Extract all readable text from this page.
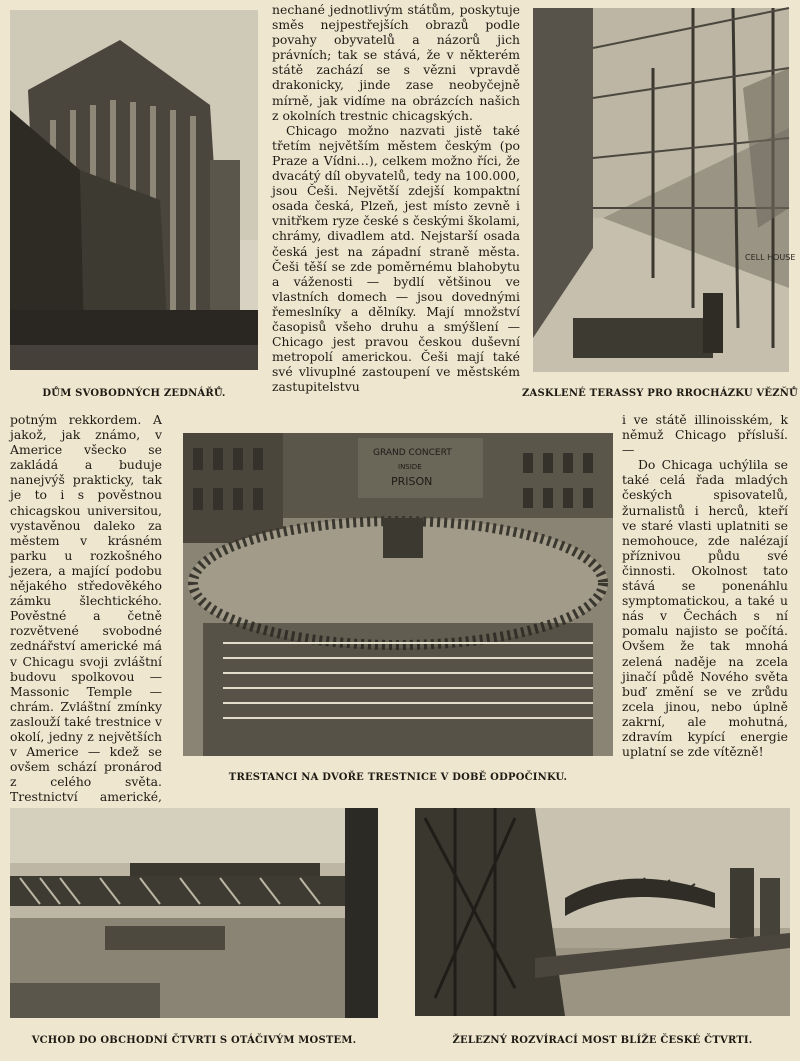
DŮM SVOBODNÝCH ZEDNÁŘŮ.

nechané jednotlivým státům, poskytuje směs nejpestřejších obrazů podle povahy obyvatelů a názorů jich právních; tak se stává, že v některém státě zachází se s vězni vpravdě drakonicky, jinde zase neobyčejně mírně, jak vidíme na obrázcích našich z okolních trestnic chicagských.

Chicago možno nazvati jistě také třetím největším městem českým (po Praze a Vídni…), celkem možno říci, že dvacátý díl obyvatelů, tedy na 100.000, jsou Češi. Největší zdejší kompaktní osada česká, Plzeň, jest místo zevně i vnitřkem ryze české s českými školami, chrámy, divadlem atd. Nejstarší osada česká jest na západní straně města. Češi těší se zde poměrnému blahobytu a váženosti — bydlí většinou ve vlastních domech — jsou dovednými řemeslníky a dělníky. Mají množství časopisů všeho druhu a smýšlení — Chicago jest pravou českou duševní metropolí americkou. Češi mají také své vlivuplné zastoupení ve městském zastupitelstvu

CELL HOUSE
ZASKLENÉ TERASSY PRO RROCHÁZKU VĚZŇŮ

potným rekkordem. A jakož, jak známo, v Americe všecko se zakládá a buduje nanejvýš prakticky, tak je to i s pověstnou chicagskou universitou, vystavěnou daleko za městem v krásném parku u rozkošného jezera, a mající podobu nějakého středověkého zámku šlechtického. Pověstné a četně rozvětvené svobodné zednářství americké má v Chicagu svoji zvláštní budovu spolkovou — Massonic Temple — chrám. Zvláštní zmínky zaslouží také trestnice v okolí, jedny z největších v Americe — kdež se ovšem schází pronárod z celého světa. Trestnictví americké,

GRAND CONCERT
INSIDE
PRISON
TRESTANCI NA DVOŘE TRESTNICE V DOBĚ ODPOČINKU.

i ve státě illinoisském, k němuž Chicago přísluší. —

Do Chicaga uchýlila se také celá řada mladých českých spisovatelů, žurnalistů i herců, kteří ve staré vlasti uplatniti se nemohouce, zde nalézají příznivou půdu své činnosti. Okolnost tato stává se ponenáhlu symptomatickou, a také u nás v Čechách s ní pomalu najisto se počítá. Ovšem že tak mnohá zelená naděje na zcela jinačí půdě Nového světa buď změní se ve zrůdu zcela jinou, nebo úplně zakrní, ale mohutná, zdravím kypící energie uplatní se zde vítězně!

VCHOD DO OBCHODNÍ ČTVRTI S OTÁČIVÝM MOSTEM.	ŽELEZNÝ ROZVÍRACÍ MOST BLÍŽE ČESKÉ ČTVRTI.
